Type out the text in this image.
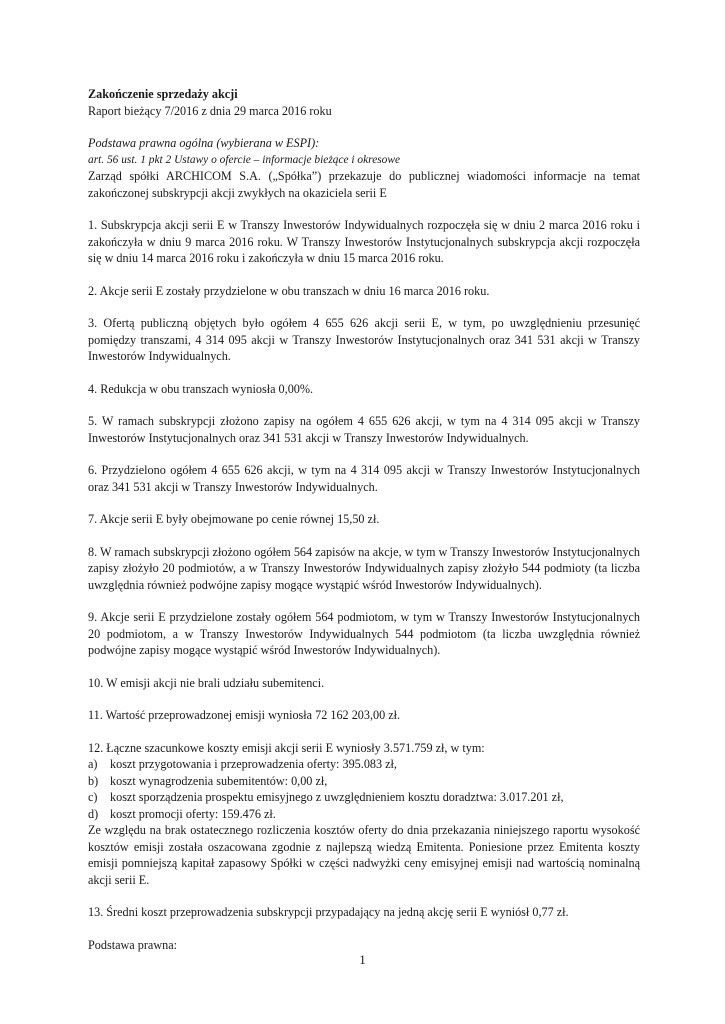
Zakończenie sprzedaży akcji

Raport bieżący 7/2016 z dnia 29 marca 2016 roku

Podstawa prawna ogólna (wybierana w ESPI):

art. 56 ust. 1 pkt 2 Ustawy o ofercie – informacje bieżące i okresowe

Zarząd spółki ARCHICOM S.A. („Spółka”) przekazuje do publicznej wiadomości informacje na temat zakończonej subskrypcji akcji zwykłych na okaziciela serii E

1. Subskrypcja akcji serii E w Transzy Inwestorów Indywidualnych rozpoczęła się w dniu 2 marca 2016 roku i zakończyła w dniu 9 marca 2016 roku. W Transzy Inwestorów Instytucjonalnych subskrypcja akcji rozpoczęła się w dniu 14 marca 2016 roku i zakończyła w dniu 15 marca 2016 roku.
2. Akcje serii E zostały przydzielone w obu transzach w dniu 16 marca 2016 roku.
3. Ofertą publiczną objętych było ogółem 4 655 626 akcji serii E, w tym, po uwzględnieniu przesunięć pomiędzy transzami, 4 314 095 akcji w Transzy Inwestorów Instytucjonalnych oraz 341 531 akcji w Transzy Inwestorów Indywidualnych.
4. Redukcja w obu transzach wyniosła 0,00%.
5. W ramach subskrypcji złożono zapisy na ogółem 4 655 626 akcji, w tym na 4 314 095 akcji w Transzy Inwestorów Instytucjonalnych oraz 341 531 akcji w Transzy Inwestorów Indywidualnych.
6. Przydzielono ogółem 4 655 626 akcji, w tym na 4 314 095 akcji w Transzy Inwestorów Instytucjonalnych oraz 341 531 akcji w Transzy Inwestorów Indywidualnych.
7. Akcje serii E były obejmowane po cenie równej 15,50 zł.
8. W ramach subskrypcji złożono ogółem 564 zapisów na akcje, w tym w Transzy Inwestorów Instytucjonalnych zapisy złożyło 20 podmiotów, a w Transzy Inwestorów Indywidualnych zapisy złożyło 544 podmioty (ta liczba uwzględnia również podwójne zapisy mogące wystąpić wśród Inwestorów Indywidualnych).
9. Akcje serii E przydzielone zostały ogółem 564 podmiotom, w tym w Transzy Inwestorów Instytucjonalnych 20 podmiotom, a w Transzy Inwestorów Indywidualnych 544 podmiotom (ta liczba uwzględnia również podwójne zapisy mogące wystąpić wśród Inwestorów Indywidualnych).
10. W emisji akcji nie brali udziału subemitenci.
11. Wartość przeprowadzonej emisji wyniosła 72 162 203,00 zł.

12. Łączne szacunkowe koszty emisji akcji serii E wyniosły 3.571.759 zł, w tym:

a)	koszt przygotowania i przeprowadzenia oferty: 395.083 zł,
b) koszt wynagrodzenia subemitentów: 0,00 zł,
c)	koszt sporządzenia prospektu emisyjnego z uwzględnieniem kosztu doradztwa: 3.017.201 zł,
d) koszt promocji oferty: 159.476 zł.

Ze względu na brak ostatecznego rozliczenia kosztów oferty do dnia przekazania niniejszego raportu wysokość kosztów emisji została oszacowana zgodnie z najlepszą wiedzą Emitenta. Poniesione przez Emitenta koszty emisji pomniejszą kapitał zapasowy Spółki w części nadwyżki ceny emisyjnej emisji nad wartością nominalną akcji serii E.

13. Średni koszt przeprowadzenia subskrypcji przypadający na jedną akcję serii E wyniósł 0,77 zł.
Podstawa prawna:
1
